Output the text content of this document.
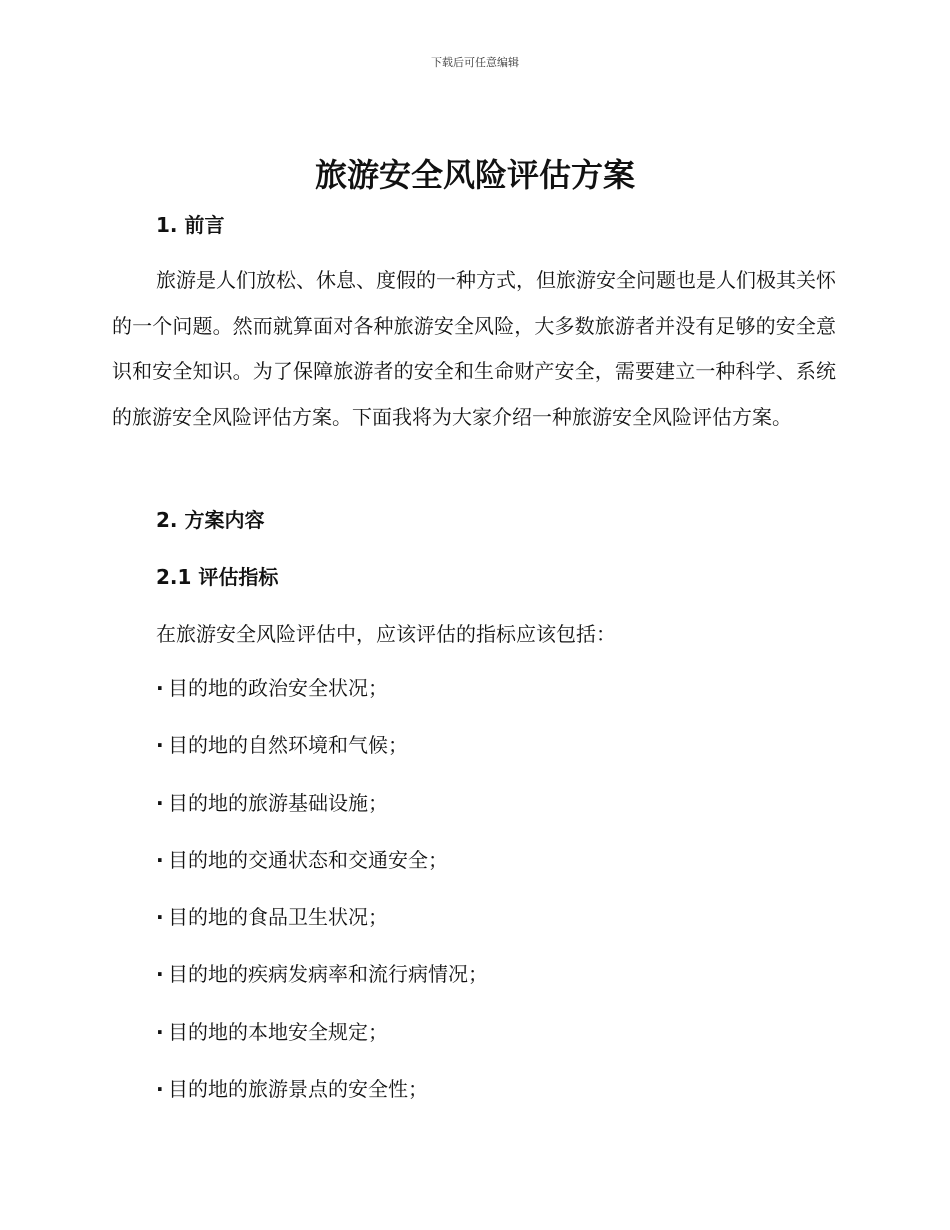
下载后可任意编辑
旅游安全风险评估方案
1. 前言

旅游是人们放松、休息、度假的一种方式，但旅游安全问题也是人们极其关怀的一个问题。然而就算面对各种旅游安全风险，大多数旅游者并没有足够的安全意识和安全知识。为了保障旅游者的安全和生命财产安全，需要建立一种科学、系统的旅游安全风险评估方案。下面我将为大家介绍一种旅游安全风险评估方案。

2. 方案内容
2.1 评估指标

在旅游安全风险评估中，应该评估的指标应该包括：

· 目的地的政治安全状况；
· 目的地的自然环境和气候；
· 目的地的旅游基础设施；
· 目的地的交通状态和交通安全；
· 目的地的食品卫生状况；
· 目的地的疾病发病率和流行病情况；
· 目的地的本地安全规定；
· 目的地的旅游景点的安全性；
